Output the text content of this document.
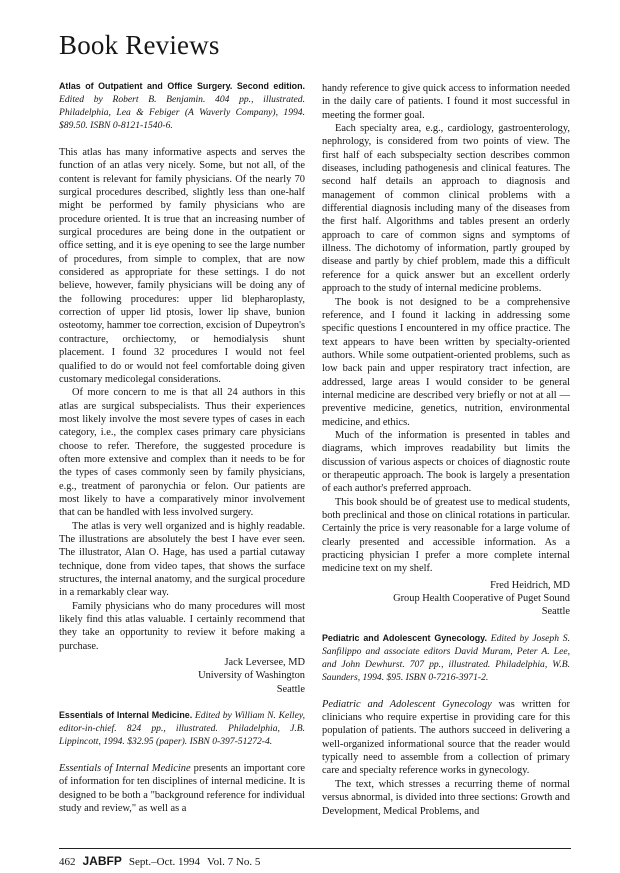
Book Reviews

Atlas of Outpatient and Office Surgery. Second edition. Edited by Robert B. Benjamin. 404 pp., illustrated. Philadelphia, Lea & Febiger (A Waverly Company), 1994. $89.50. ISBN 0-8121-1540-6.

This atlas has many informative aspects and serves the function of an atlas very nicely. Some, but not all, of the content is relevant for family physicians. Of the nearly 70 surgical procedures described, slightly less than one-half might be performed by family physicians who are procedure oriented. It is true that an increasing number of surgical procedures are being done in the outpatient or office setting, and it is eye opening to see the large number of procedures, from simple to complex, that are now considered as appropriate for these settings. I do not believe, however, family physicians will be doing any of the following procedures: upper lid blepharoplasty, correction of upper lid ptosis, lower lip shave, bunion osteotomy, hammer toe correction, excision of Dupeytron's contracture, orchiectomy, or hemodialysis shunt placement. I found 32 procedures I would not feel qualified to do or would not feel comfortable doing given customary medicolegal considerations.

Of more concern to me is that all 24 authors in this atlas are surgical subspecialists. Thus their experiences most likely involve the most severe types of cases in each category, i.e., the complex cases primary care physicians choose to refer. Therefore, the suggested procedure is often more extensive and complex than it needs to be for the types of cases commonly seen by family physicians, e.g., treatment of paronychia or felon. Our patients are most likely to have a comparatively minor involvement that can be handled with less involved surgery.

The atlas is very well organized and is highly readable. The illustrations are absolutely the best I have ever seen. The illustrator, Alan O. Hage, has used a partial cutaway technique, done from video tapes, that shows the surface structures, the internal anatomy, and the surgical procedure in a remarkably clear way.

Family physicians who do many procedures will most likely find this atlas valuable. I certainly recommend that they take an opportunity to review it before making a purchase.

Jack Leversee, MD

University of Washington

Seattle

Essentials of Internal Medicine. Edited by William N. Kelley, editor-in-chief. 824 pp., illustrated. Philadelphia, J.B. Lippincott, 1994. $32.95 (paper). ISBN 0-397-51272-4.

Essentials of Internal Medicine presents an important core of information for ten disciplines of internal medicine. It is designed to be both a "background reference for individual study and review," as well as a

handy reference to give quick access to information needed in the daily care of patients. I found it most successful in meeting the former goal.

Each specialty area, e.g., cardiology, gastroenterology, nephrology, is considered from two points of view. The first half of each subspecialty section describes common diseases, including pathogenesis and clinical features. The second half details an approach to diagnosis and management of common clinical problems with a differential diagnosis including many of the diseases from the first half. Algorithms and tables present an orderly approach to care of common signs and symptoms of illness. The dichotomy of information, partly grouped by disease and partly by chief problem, made this a difficult reference for a quick answer but an excellent orderly approach to the study of internal medicine problems.

The book is not designed to be a comprehensive reference, and I found it lacking in addressing some specific questions I encountered in my office practice. The text appears to have been written by specialty-oriented authors. While some outpatient-oriented problems, such as low back pain and upper respiratory tract infection, are addressed, large areas I would consider to be general internal medicine are described very briefly or not at all — preventive medicine, genetics, nutrition, environmental medicine, and ethics.

Much of the information is presented in tables and diagrams, which improves readability but limits the discussion of various aspects or choices of diagnostic route or therapeutic approach. The book is largely a presentation of each author's preferred approach.

This book should be of greatest use to medical students, both preclinical and those on clinical rotations in particular. Certainly the price is very reasonable for a large volume of clearly presented and accessible information. As a practicing physician I prefer a more complete internal medicine text on my shelf.

Fred Heidrich, MD

Group Health Cooperative of Puget Sound

Seattle

Pediatric and Adolescent Gynecology. Edited by Joseph S. Sanfilippo and associate editors David Muram, Peter A. Lee, and John Dewhurst. 707 pp., illustrated. Philadelphia, W.B. Saunders, 1994. $95. ISBN 0-7216-3971-2.

Pediatric and Adolescent Gynecology was written for clinicians who require expertise in providing care for this population of patients. The authors succeed in delivering a well-organized informational source that the reader would typically need to assemble from a collection of primary care and specialty reference works in gynecology.

The text, which stresses a recurring theme of normal versus abnormal, is divided into three sections: Growth and Development, Medical Problems, and

462 JABFP Sept.–Oct. 1994 Vol. 7 No. 5
